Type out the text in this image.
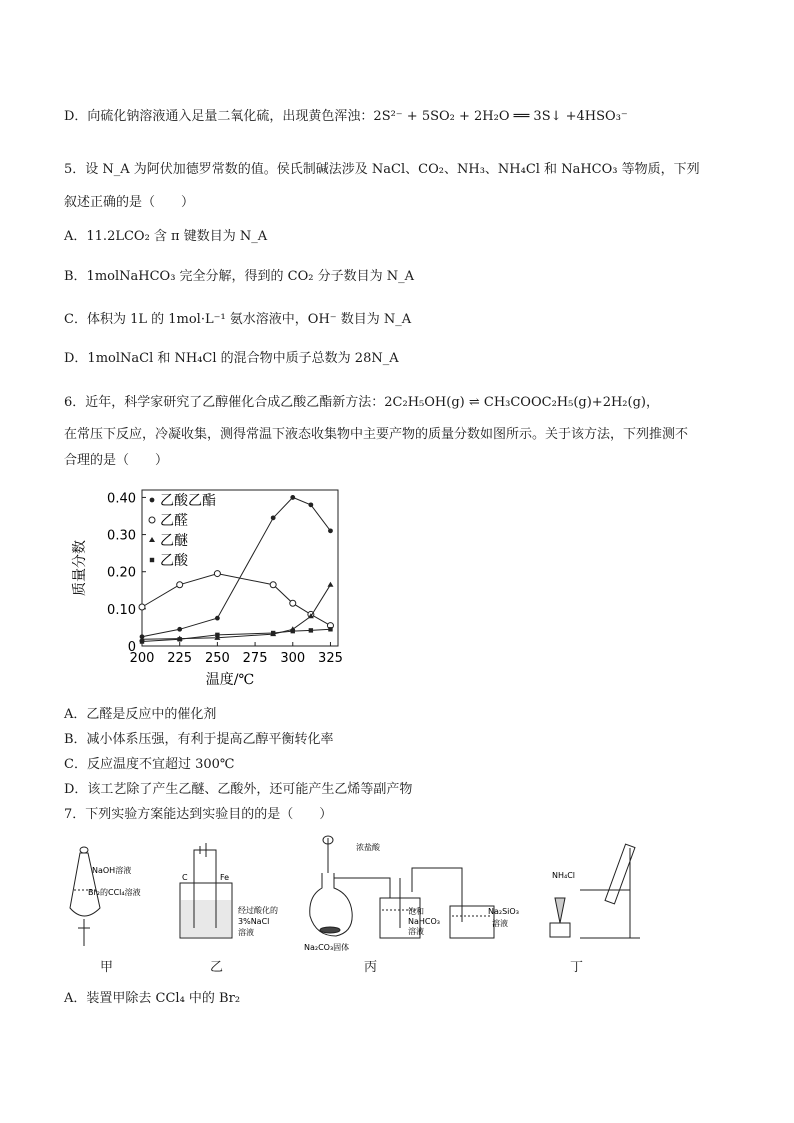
D．向硫化钠溶液通入足量二氧化硫，出现黄色浑浊：2S²⁻ + 5SO₂ + 2H₂O ══ 3S↓ +4HSO₃⁻
5．设 N_A 为阿伏加德罗常数的值。侯氏制碱法涉及 NaCl、CO₂、NH₃、NH₄Cl 和 NaHCO₃ 等物质，下列
叙述正确的是（　　）
A．11.2LCO₂ 含 π 键数目为 N_A
B．1molNaHCO₃ 完全分解，得到的 CO₂ 分子数目为 N_A
C．体积为 1L 的 1mol·L⁻¹ 氨水溶液中，OH⁻ 数目为 N_A
D．1molNaCl 和 NH₄Cl 的混合物中质子总数为 28N_A
6．近年，科学家研究了乙醇催化合成乙酸乙酯新方法：2C₂H₅OH(g) ⇌ CH₃COOC₂H₅(g)+2H₂(g)，
在常压下反应，冷凝收集，测得常温下液态收集物中主要产物的质量分数如图所示。关于该方法，下列推测不
合理的是（　　）
200 225 250 275 300 325
0
0.10
0.20
0.30
0.40
温度/℃
质量分数
乙酸乙酯
乙醛
乙醚
乙酸
A．乙醛是反应中的催化剂
B．减小体系压强，有利于提高乙醇平衡转化率
C．反应温度不宜超过 300℃
D．该工艺除了产生乙醚、乙酸外，还可能产生乙烯等副产物
7．下列实验方案能达到实验目的的是（　　）
NaOH溶液
Br₂的CCl₄溶液
C	Fe
经过酸化的
3%NaCl
溶液
浓盐酸
饱和
NaHCO₃
溶液
Na₂CO₃固体
Na₂SiO₃
溶液
NH₄Cl
甲	乙	丙	丁
A．装置甲除去 CCl₄ 中的 Br₂
